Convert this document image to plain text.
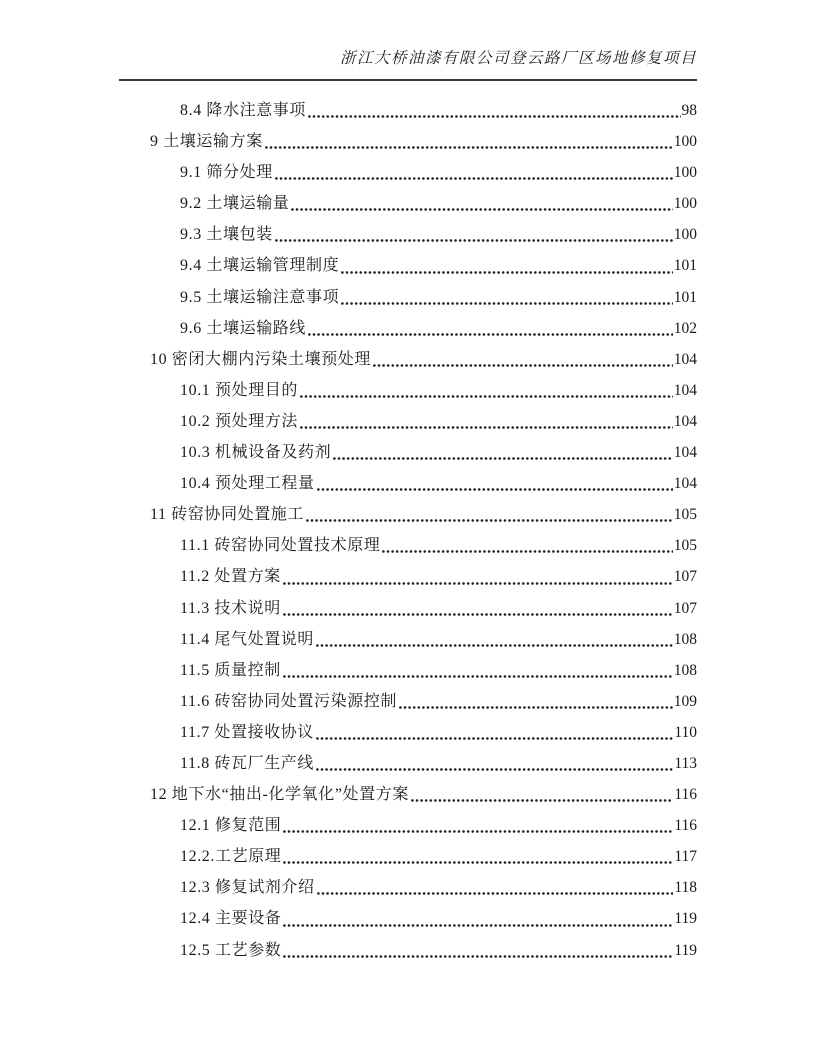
浙江大桥油漆有限公司登云路厂区场地修复项目
8.4 降水注意事项	98
9 土壤运输方案	100
9.1 筛分处理	100
9.2 土壤运输量	100
9.3 土壤包装	100
9.4 土壤运输管理制度	101
9.5 土壤运输注意事项	101
9.6 土壤运输路线	102
10 密闭大棚内污染土壤预处理	104
10.1 预处理目的	104
10.2 预处理方法	104
10.3 机械设备及药剂	104
10.4 预处理工程量	104
11 砖窑协同处置施工	105
11.1 砖窑协同处置技术原理	105
11.2 处置方案	107
11.3 技术说明	107
11.4 尾气处置说明	108
11.5 质量控制	108
11.6 砖窑协同处置污染源控制	109
11.7 处置接收协议	110
11.8 砖瓦厂生产线	113
12 地下水“抽出-化学氧化”处置方案	116
12.1 修复范围	116
12.2.工艺原理	117
12.3 修复试剂介绍	118
12.4 主要设备	119
12.5 工艺参数	119
